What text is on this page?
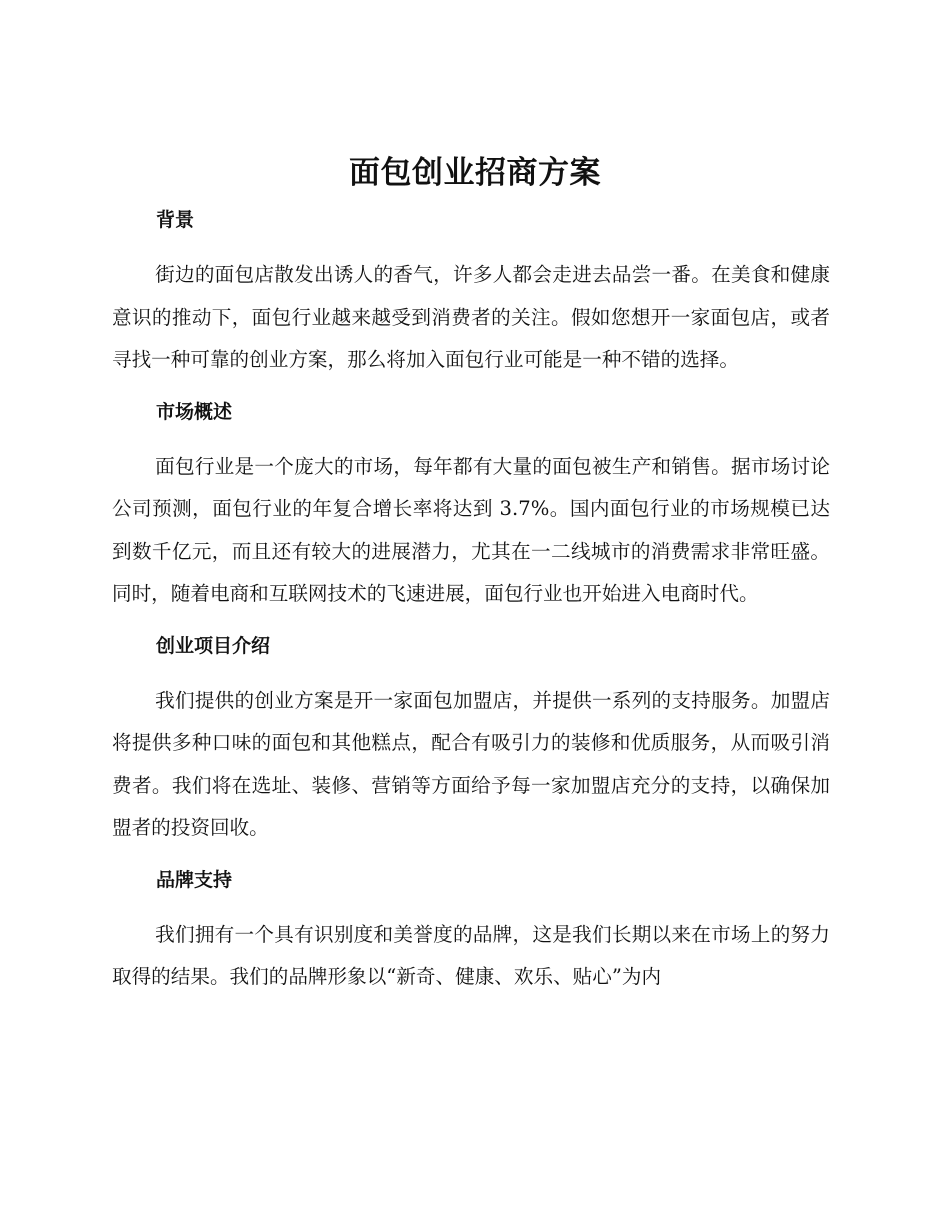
面包创业招商方案
背景

街边的面包店散发出诱人的香气，许多人都会走进去品尝一番。在美食和健康意识的推动下，面包行业越来越受到消费者的关注。假如您想开一家面包店，或者寻找一种可靠的创业方案，那么将加入面包行业可能是一种不错的选择。

市场概述

面包行业是一个庞大的市场，每年都有大量的面包被生产和销售。据市场讨论公司预测，面包行业的年复合增长率将达到 3.7%。国内面包行业的市场规模已达到数千亿元，而且还有较大的进展潜力，尤其在一二线城市的消费需求非常旺盛。同时，随着电商和互联网技术的飞速进展，面包行业也开始进入电商时代。

创业项目介绍

我们提供的创业方案是开一家面包加盟店，并提供一系列的支持服务。加盟店将提供多种口味的面包和其他糕点，配合有吸引力的装修和优质服务，从而吸引消费者。我们将在选址、装修、营销等方面给予每一家加盟店充分的支持，以确保加盟者的投资回收。

品牌支持

我们拥有一个具有识别度和美誉度的品牌，这是我们长期以来在市场上的努力取得的结果。我们的品牌形象以“新奇、健康、欢乐、贴心”为内
